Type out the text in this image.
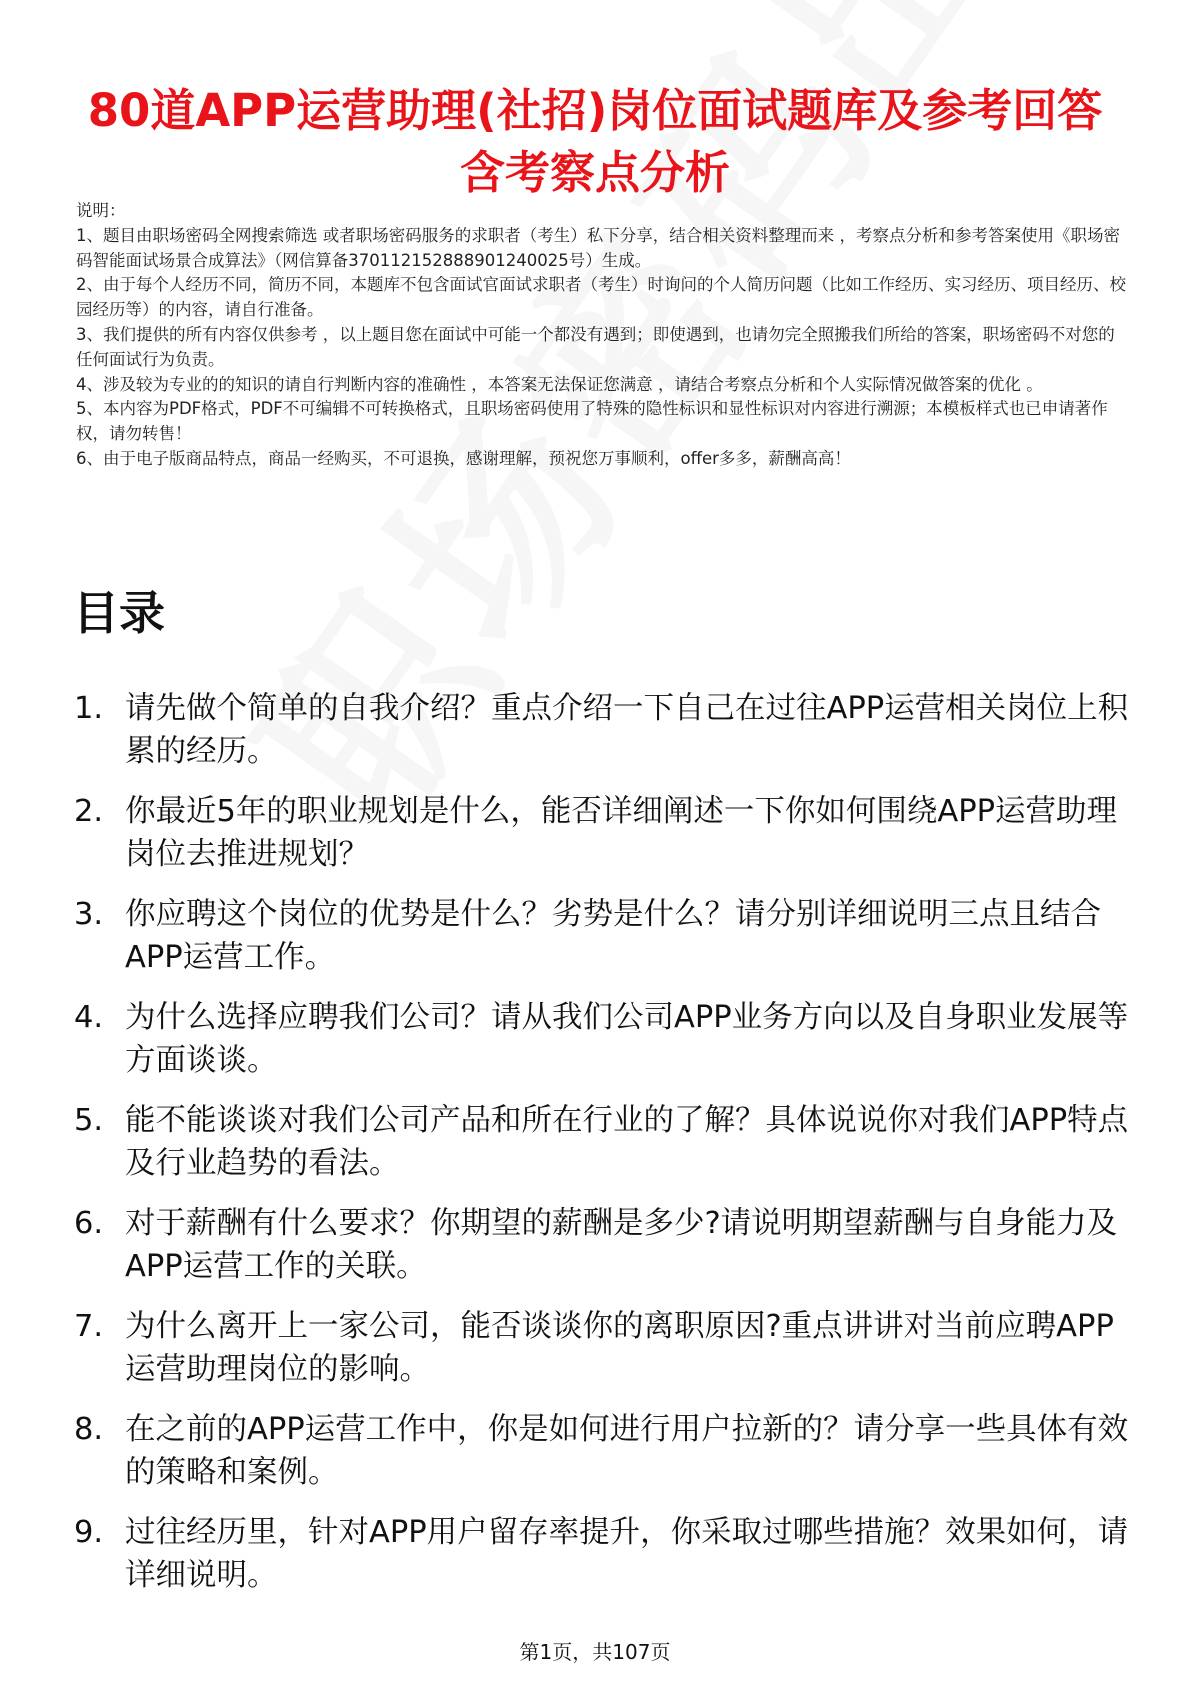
80道APP运营助理(社招)岗位面试题库及参考回答含考察点分析

说明：

1、题目由职场密码全网搜索筛选 或者职场密码服务的求职者（考生）私下分享，结合相关资料整理而来 ，考察点分析和参考答案使用《职场密码智能面试场景合成算法》（网信算备370112152888901240025号）生成。

2、由于每个人经历不同，简历不同，本题库不包含面试官面试求职者（考生）时询问的个人简历问题（比如工作经历、实习经历、项目经历、校园经历等）的内容，请自行准备。

3、我们提供的所有内容仅供参考 ，以上题目您在面试中可能一个都没有遇到；即使遇到，也请勿完全照搬我们所给的答案，职场密码不对您的任何面试行为负责。

4、涉及较为专业的的知识的请自行判断内容的准确性 ，本答案无法保证您满意 ，请结合考察点分析和个人实际情况做答案的优化 。

5、本内容为PDF格式，PDF不可编辑不可转换格式，且职场密码使用了特殊的隐性标识和显性标识对内容进行溯源；本模板样式也已申请著作权，请勿转售！

6、由于电子版商品特点，商品一经购买，不可退换，感谢理解，预祝您万事顺利，offer多多，薪酬高高！

目录
1. 请先做个简单的自我介绍？重点介绍一下自己在过往APP运营相关岗位上积累的经历。
2. 你最近5年的职业规划是什么，能否详细阐述一下你如何围绕APP运营助理岗位去推进规划？
3. 你应聘这个岗位的优势是什么？劣势是什么？请分别详细说明三点且结合APP运营工作。
4. 为什么选择应聘我们公司？请从我们公司APP业务方向以及自身职业发展等方面谈谈。
5. 能不能谈谈对我们公司产品和所在行业的了解？具体说说你对我们APP特点及行业趋势的看法。
6. 对于薪酬有什么要求？你期望的薪酬是多少?请说明期望薪酬与自身能力及APP运营工作的关联。
7. 为什么离开上一家公司，能否谈谈你的离职原因?重点讲讲对当前应聘APP运营助理岗位的影响。
8. 在之前的APP运营工作中，你是如何进行用户拉新的？请分享一些具体有效的策略和案例。
9. 过往经历里，针对APP用户留存率提升，你采取过哪些措施？效果如何，请详细说明。
第1页，共107页
